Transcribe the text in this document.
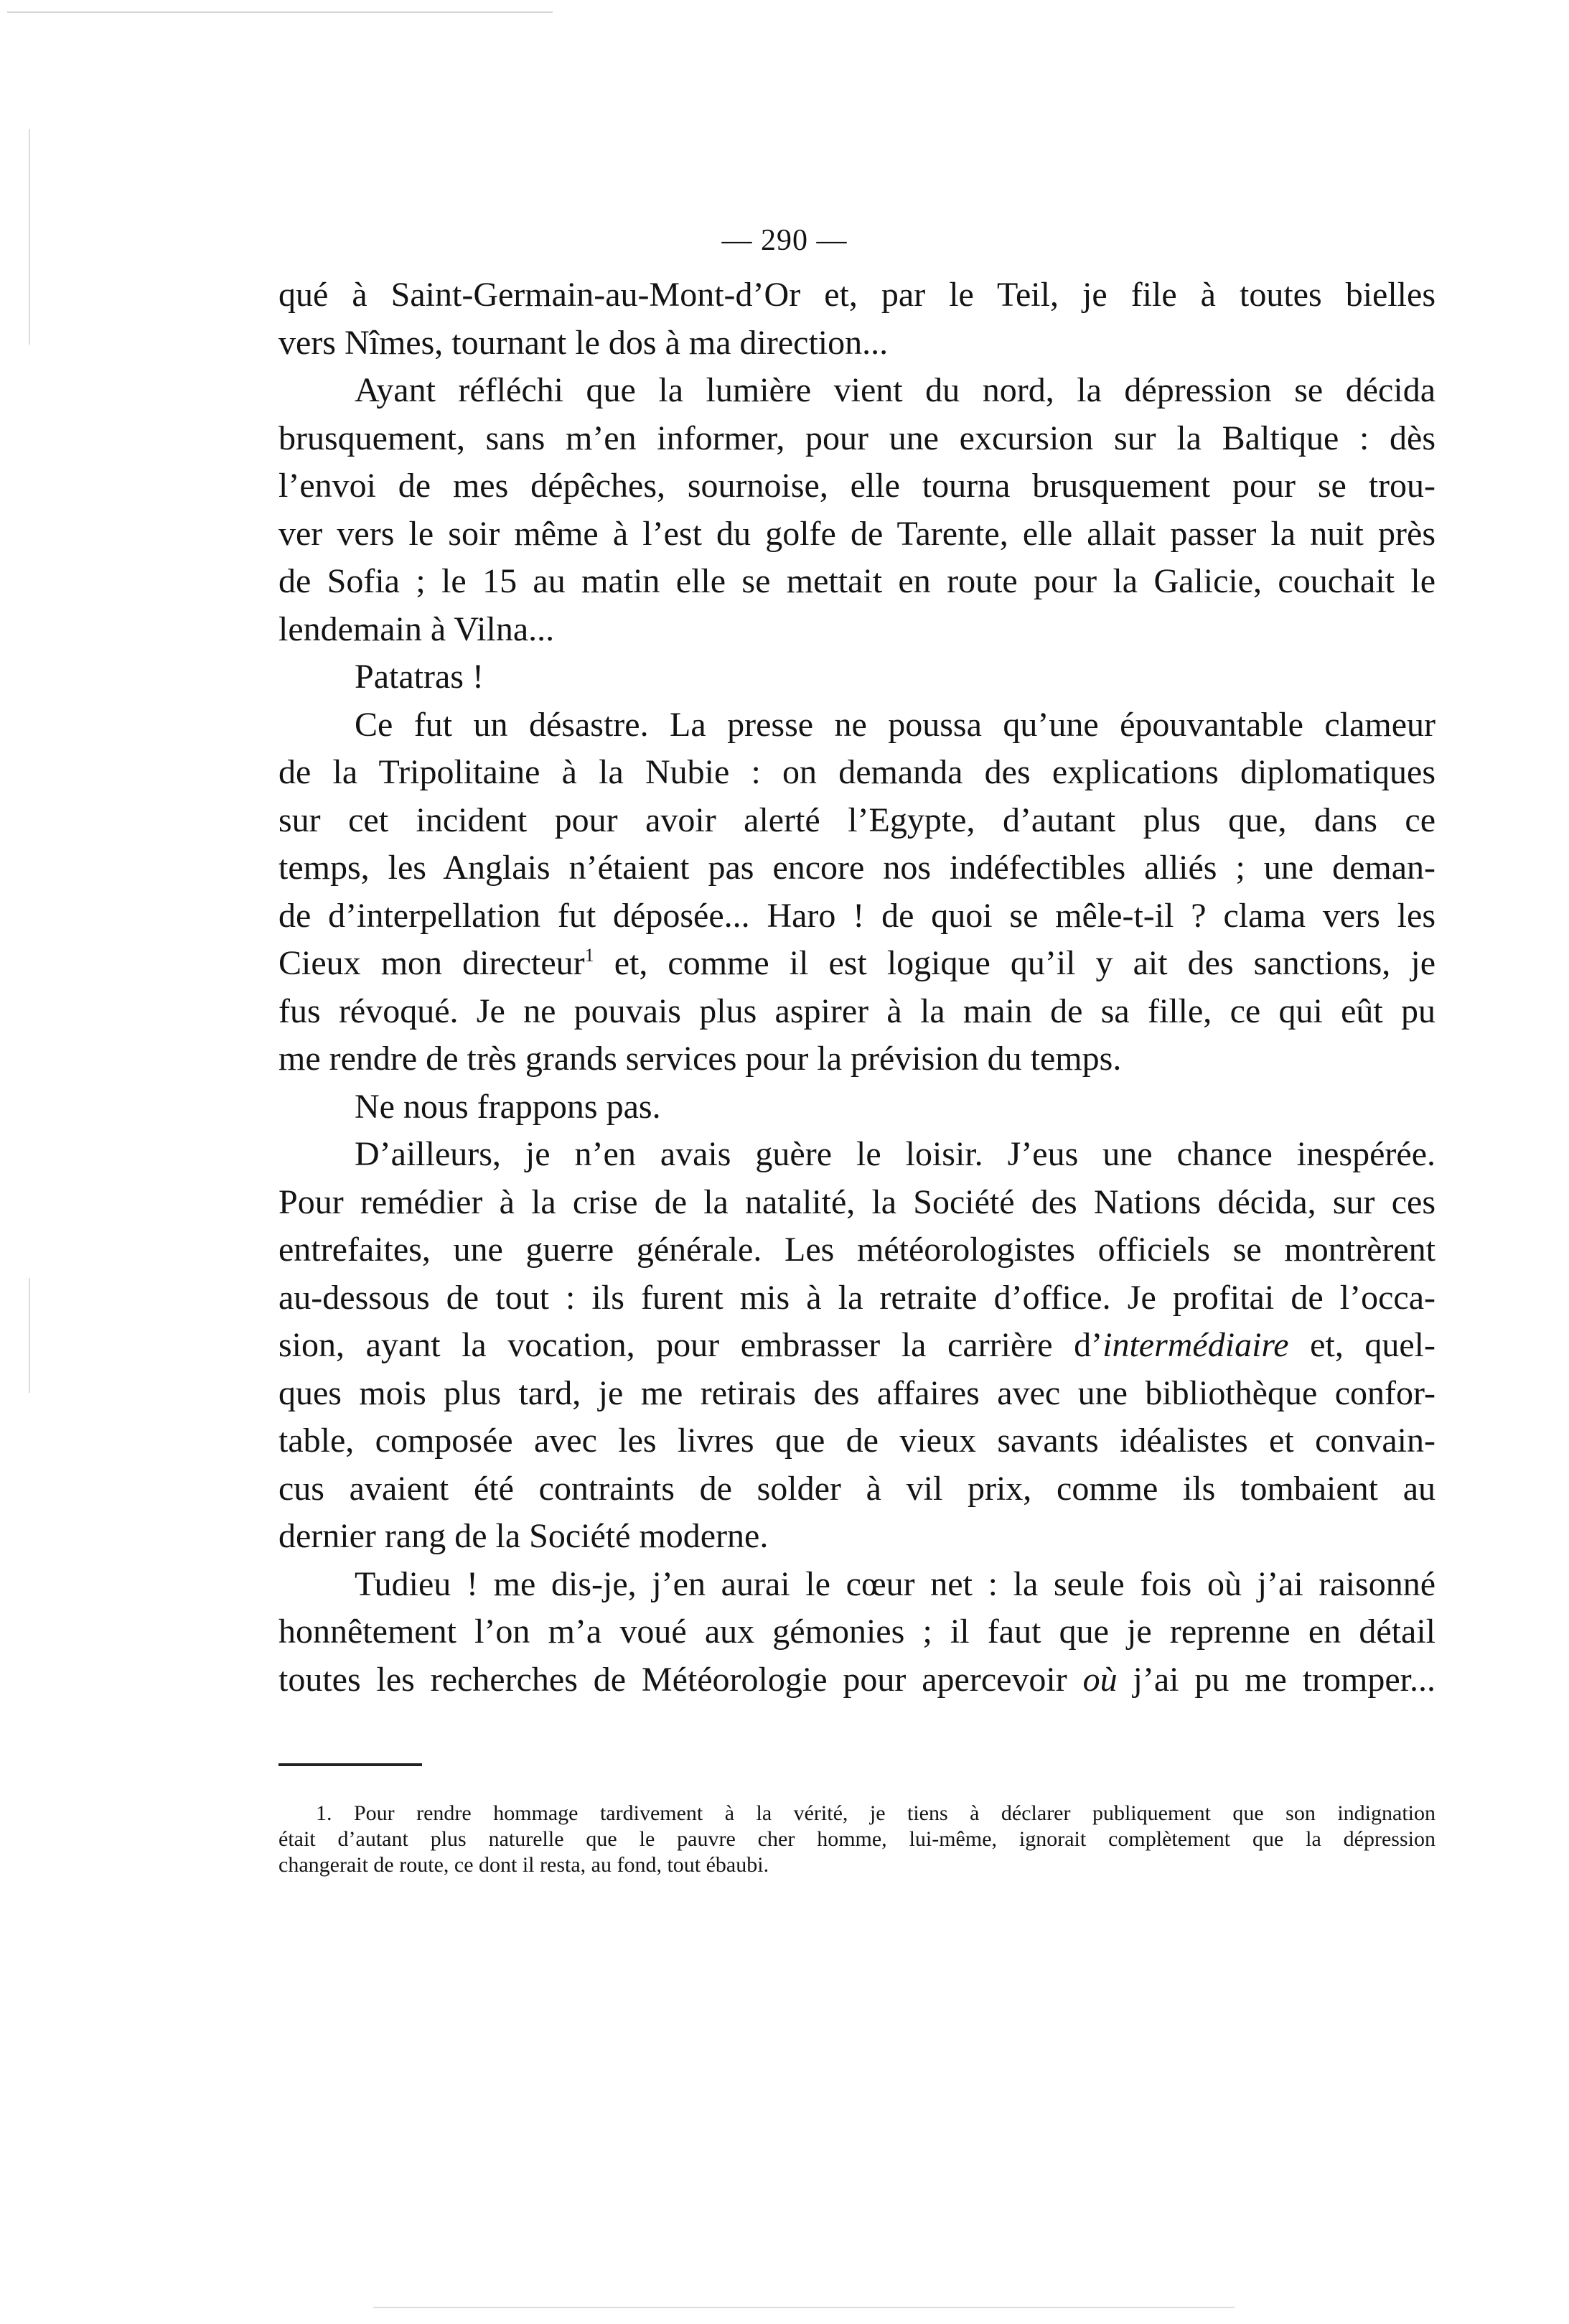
— 290 —
qué à Saint-Germain-au-Mont-d’Or et, par le Teil, je file à toutes bielles
vers Nîmes, tournant le dos à ma direction...
Ayant réfléchi que la lumière vient du nord, la dépression se décida
brusquement, sans m’en informer, pour une excursion sur la Baltique : dès
l’envoi de mes dépêches, sournoise, elle tourna brusquement pour se trou-
ver vers le soir même à l’est du golfe de Tarente, elle allait passer la nuit près
de Sofia ; le 15 au matin elle se mettait en route pour la Galicie, couchait le
lendemain à Vilna...
Patatras !
Ce fut un désastre. La presse ne poussa qu’une épouvantable clameur
de la Tripolitaine à la Nubie : on demanda des explications diplomatiques
sur cet incident pour avoir alerté l’Egypte, d’autant plus que, dans ce
temps, les Anglais n’étaient pas encore nos indéfectibles alliés ; une deman-
de d’interpellation fut déposée... Haro ! de quoi se mêle-t-il ? clama vers les
Cieux mon directeur$^1$ et, comme il est logique qu’il y ait des sanctions, je
fus révoqué. Je ne pouvais plus aspirer à la main de sa fille, ce qui eût pu
me rendre de très grands services pour la prévision du temps.
Ne nous frappons pas.
D’ailleurs, je n’en avais guère le loisir. J’eus une chance inespérée.
Pour remédier à la crise de la natalité, la Société des Nations décida, sur ces
entrefaites, une guerre générale. Les météorologistes officiels se montrèrent
au-dessous de tout : ils furent mis à la retraite d’office. Je profitai de l’occa-
sion, ayant la vocation, pour embrasser la carrière d’intermédiaire et, quel-
ques mois plus tard, je me retirais des affaires avec une bibliothèque confor-
table, composée avec les livres que de vieux savants idéalistes et convain-
cus avaient été contraints de solder à vil prix, comme ils tombaient au
dernier rang de la Société moderne.
Tudieu ! me dis-je, j’en aurai le cœur net : la seule fois où j’ai raisonné
honnêtement l’on m’a voué aux gémonies ; il faut que je reprenne en détail
toutes les recherches de Météorologie pour apercevoir où j’ai pu me tromper...
1. Pour rendre hommage tardivement à la vérité, je tiens à déclarer publiquement que son indignation
était d’autant plus naturelle que le pauvre cher homme, lui-même, ignorait complètement que la dépression
changerait de route, ce dont il resta, au fond, tout ébaubi.
